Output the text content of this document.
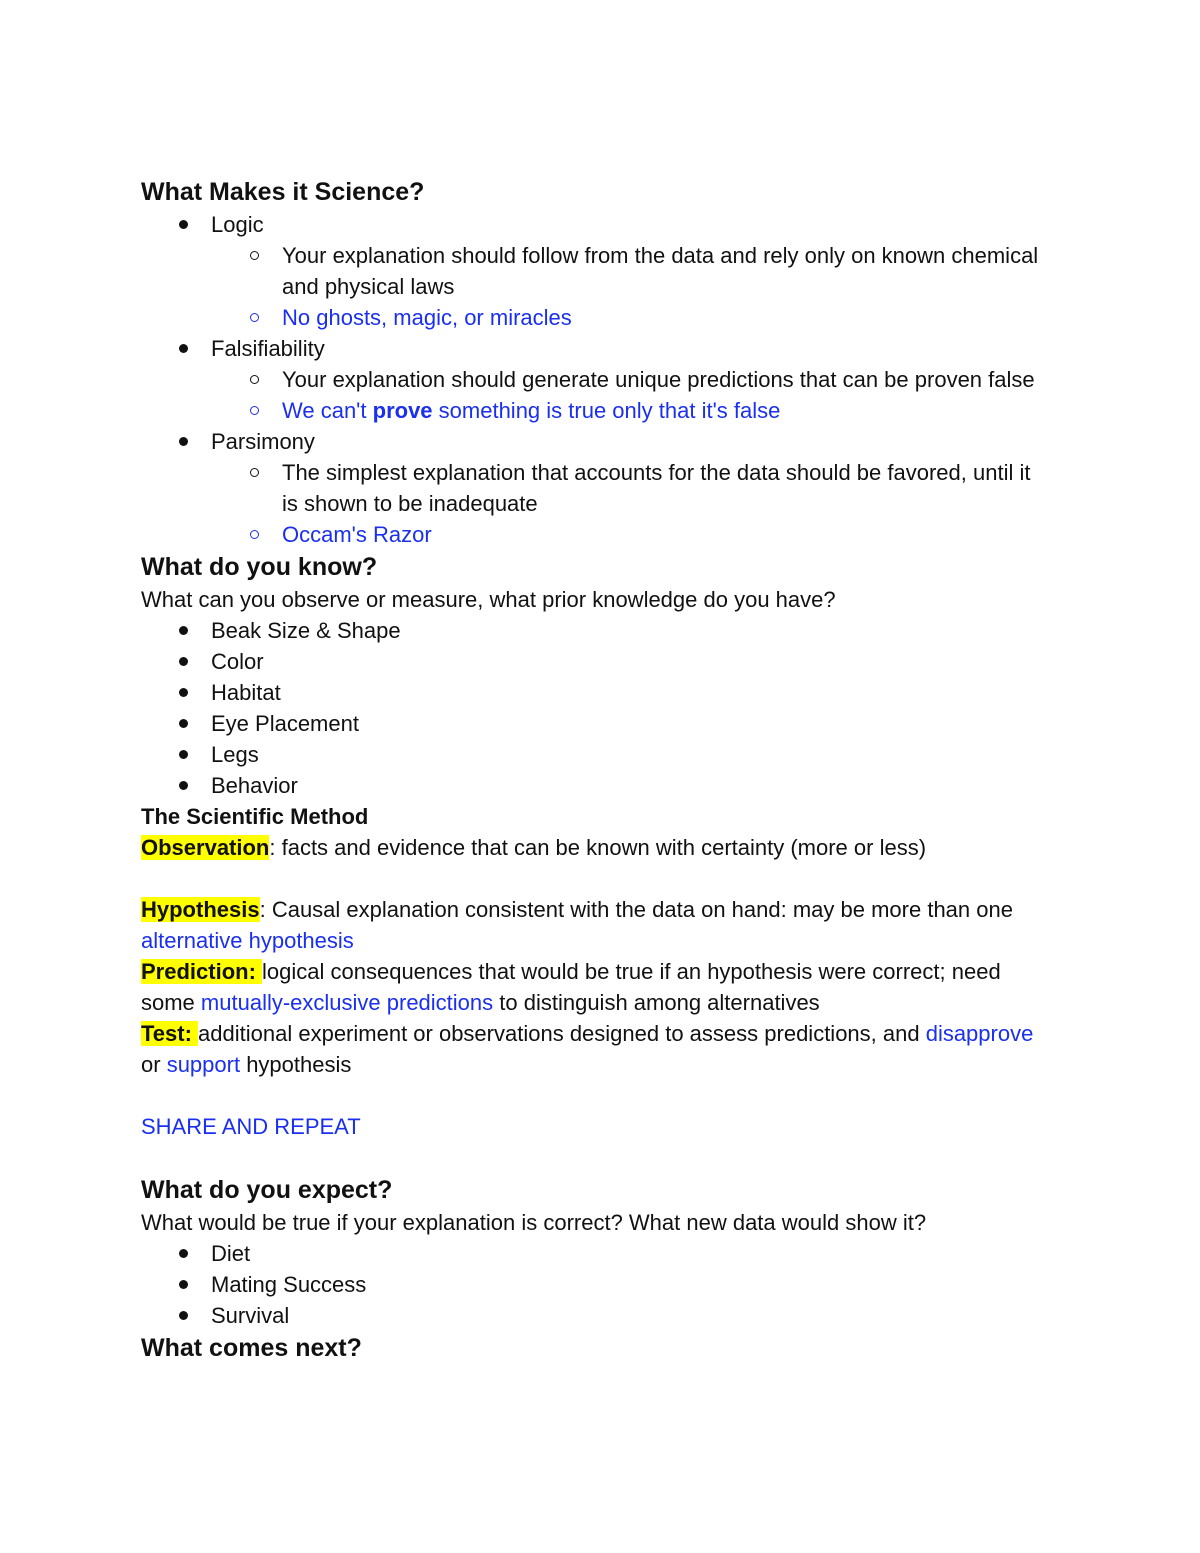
What Makes it Science?
Logic
Your explanation should follow from the data and rely only on known chemical and physical laws
No ghosts, magic, or miracles
Falsifiability
Your explanation should generate unique predictions that can be proven false
We can't prove something is true only that it's false
Parsimony
The simplest explanation that accounts for the data should be favored, until it is shown to be inadequate
Occam's Razor
What do you know?
What can you observe or measure, what prior knowledge do you have?
Beak Size & Shape
Color
Habitat
Eye Placement
Legs
Behavior
The Scientific Method
Observation: facts and evidence that can be known with certainty (more or less)
Hypothesis: Causal explanation consistent with the data on hand: may be more than one alternative hypothesis
Prediction: logical consequences that would be true if an hypothesis were correct; need some mutually-exclusive predictions to distinguish among alternatives
Test: additional experiment or observations designed to assess predictions, and disapprove or support hypothesis
SHARE AND REPEAT
What do you expect?
What would be true if your explanation is correct? What new data would show it?
Diet
Mating Success
Survival
What comes next?
